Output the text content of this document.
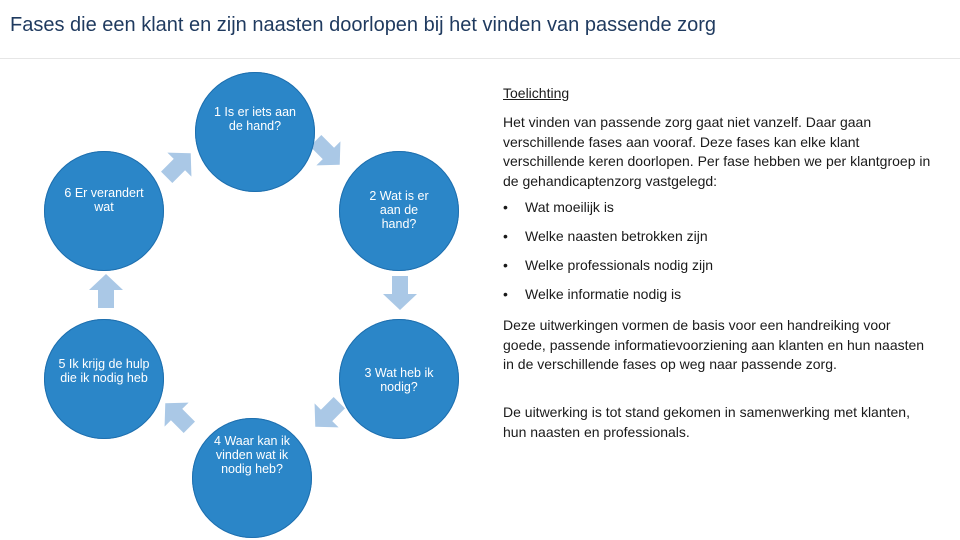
Fases die een klant en zijn naasten doorlopen bij het vinden van passende zorg
1 Is er iets aan de hand?
2 Wat is er aan de hand?
3 Wat heb ik nodig?
4 Waar kan ik vinden wat ik nodig heb?
5 Ik krijg de hulp die ik nodig heb
6 Er verandert wat
Toelichting

Het vinden van passende zorg gaat niet vanzelf. Daar gaan verschillende fases aan vooraf. Deze fases kan elke klant verschillende keren doorlopen. Per fase hebben we per klantgroep in de gehandicaptenzorg vastgelegd:

• Wat moeilijk is
• Welke naasten betrokken zijn
• Welke professionals nodig zijn
• Welke informatie nodig is

Deze uitwerkingen vormen de basis voor een handreiking voor goede, passende informatievoorziening aan klanten en hun naasten in de verschillende fases op weg naar passende zorg.

De uitwerking is tot stand gekomen in samenwerking met klanten, hun naasten en professionals.
